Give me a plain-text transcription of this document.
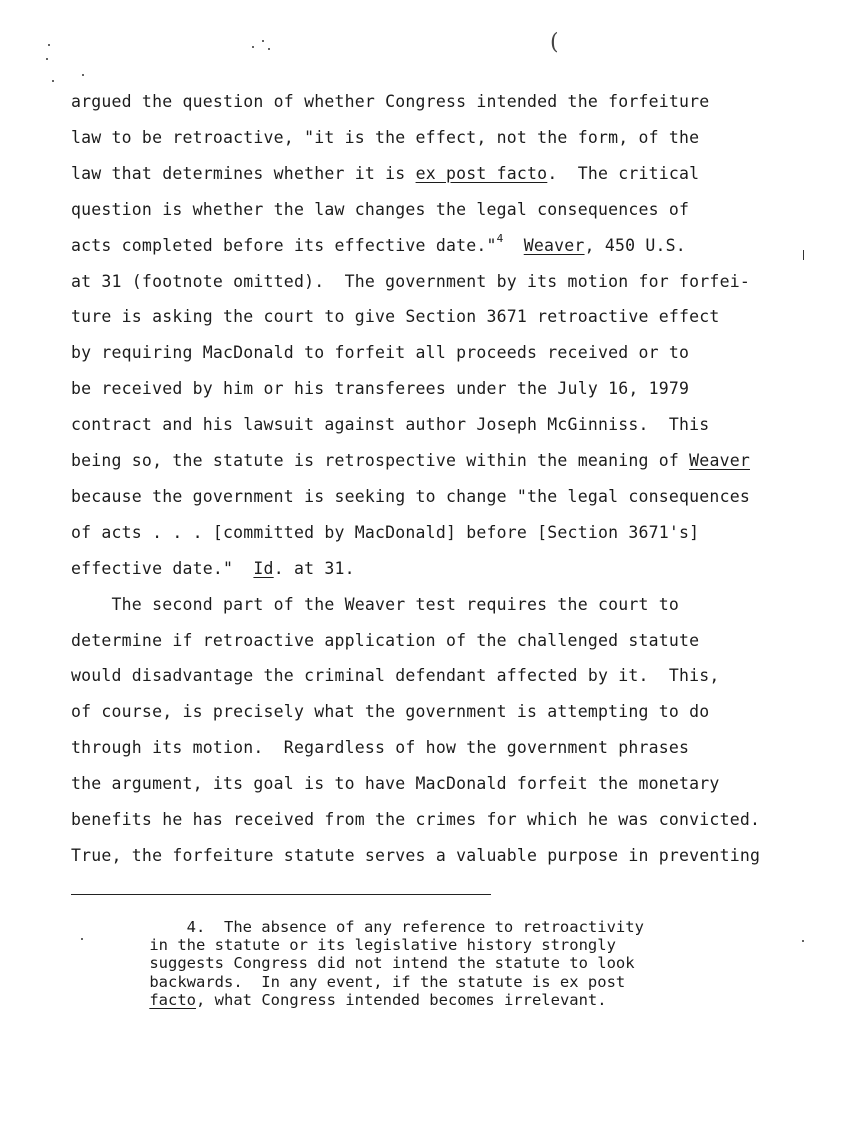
(
argued the question of whether Congress intended the forfeiture
law to be retroactive, "it is the effect, not the form, of the
law that determines whether it is ex post facto.  The critical
question is whether the law changes the legal consequences of
acts completed before its effective date."$^4$ Weaver, 450 U.S.
at 31 (footnote omitted).  The government by its motion for forfei-
ture is asking the court to give Section 3671 retroactive effect
by requiring MacDonald to forfeit all proceeds received or to
be received by him or his transferees under the July 16, 1979
contract and his lawsuit against author Joseph McGinniss.  This
being so, the statute is retrospective within the meaning of Weaver
because the government is seeking to change "the legal consequences
of acts . . . [committed by MacDonald] before [Section 3671's]
effective date."  Id. at 31.
The second part of the Weaver test requires the court to
determine if retroactive application of the challenged statute
would disadvantage the criminal defendant affected by it.  This,
of course, is precisely what the government is attempting to do
through its motion.  Regardless of how the government phrases
the argument, its goal is to have MacDonald forfeit the monetary
benefits he has received from the crimes for which he was convicted.
True, the forfeiture statute serves a valuable purpose in preventing
4.  The absence of any reference to retroactivity
in the statute or its legislative history strongly
suggests Congress did not intend the statute to look
backwards.  In any event, if the statute is ex post
facto, what Congress intended becomes irrelevant.
